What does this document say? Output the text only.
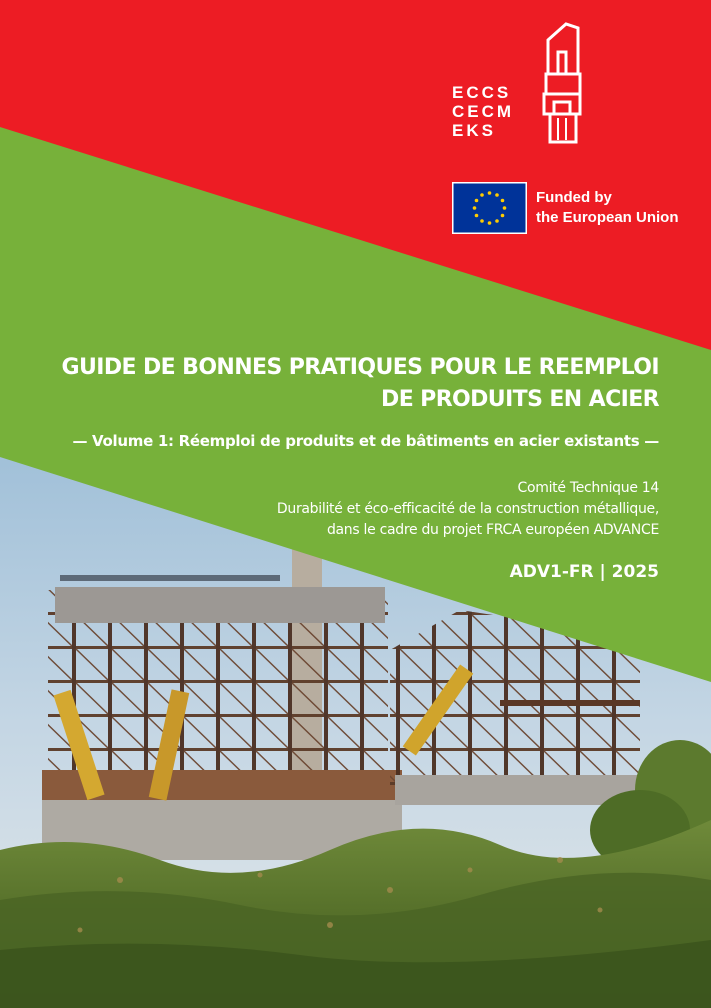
ECCS
CECM
EKS
Funded by
the European Union
GUIDE DE BONNES PRATIQUES POUR LE REEMPLOI
DE PRODUITS EN ACIER
— Volume 1: Réemploi de produits et de bâtiments en acier existants —
Comité Technique 14
Durabilité et éco-efficacité de la construction métallique,
dans le cadre du projet FRCA européen ADVANCE
ADV1-FR | 2025
